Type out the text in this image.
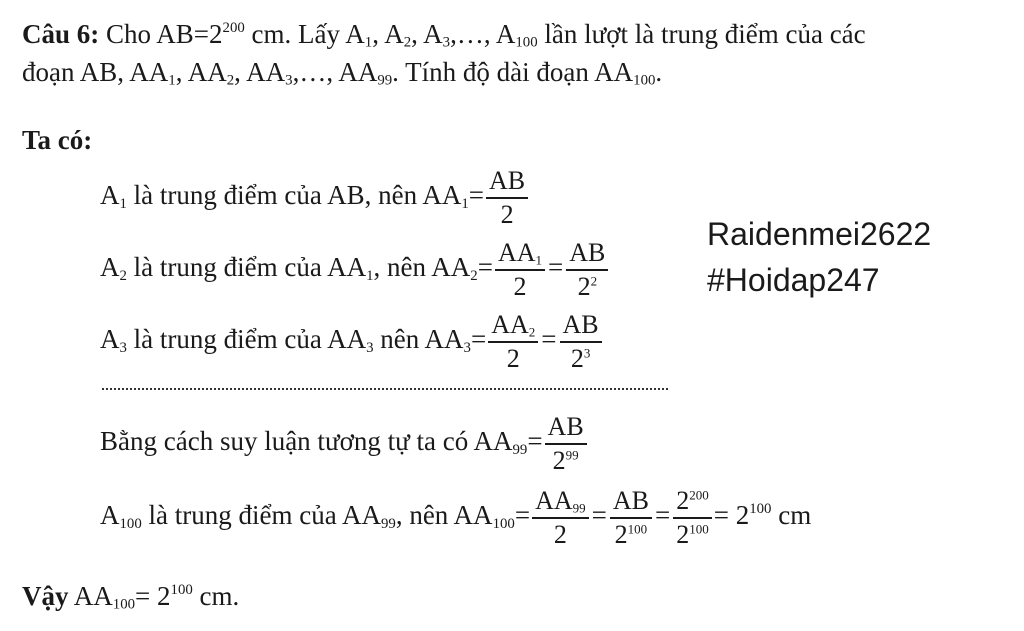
Câu 6: Cho $AB=2^{200}$ cm. Lấy $A_1$, $A_2$, $A_3,\dots$, $A_{100}$ lần lượt là trung điểm của các
đoạn AB, $AA_1$, $AA_2$, $AA_3,\dots$, $AA_{99}$. Tính độ dài đoạn $AA_{100}$.
Ta có:
$A_1$ là trung điểm của AB, nên $AA_1= \frac{AB}{2}$
$A_2$ là trung điểm của $AA_1$, nên $AA_2= \frac{AA_1}{2} = \frac{AB}{2^2}$
$A_3$ là trung điểm của $AA_3$ nên $AA_3= \frac{AA_2}{2} = \frac{AB}{2^3}$
Bằng cách suy luận tương tự ta có $AA_{99}= \frac{AB}{2^{99}}$
$A_{100}$ là trung điểm của $AA_{99}$, nên $AA_{100}= \frac{AA_{99}}{2} = \frac{AB}{2^{100}} = \frac{2^{200}}{2^{100}} = 2^{100}$ cm
Vậy $AA_{100}= 2^{100}$ cm.
Raidenmei2622
#Hoidap247
